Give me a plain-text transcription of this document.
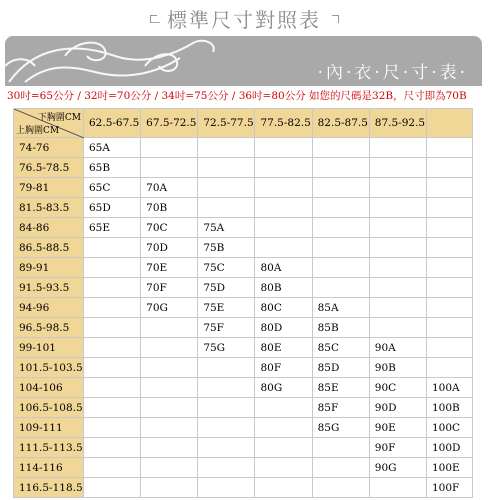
標準尺寸對照表
·內·衣·尺·寸·表·
30吋=65公分 / 32吋=70公分 / 34吋=75公分 / 36吋=80公分 如您的尺碼是32B，尺寸即為70B
下胸圍CM
上胸圍CM	62.5-67.5	67.5-72.5	72.5-77.5	77.5-82.5	82.5-87.5	87.5-92.5	
74-76	65A						
76.5-78.5	65B						
79-81	65C	70A					
81.5-83.5	65D	70B					
84-86	65E	70C	75A				
86.5-88.5		70D	75B				
89-91		70E	75C	80A			
91.5-93.5		70F	75D	80B			
94-96		70G	75E	80C	85A		
96.5-98.5			75F	80D	85B		
99-101			75G	80E	85C	90A	
101.5-103.5				80F	85D	90B	
104-106				80G	85E	90C	100A
106.5-108.5					85F	90D	100B
109-111					85G	90E	100C
111.5-113.5						90F	100D
114-116						90G	100E
116.5-118.5							100F
